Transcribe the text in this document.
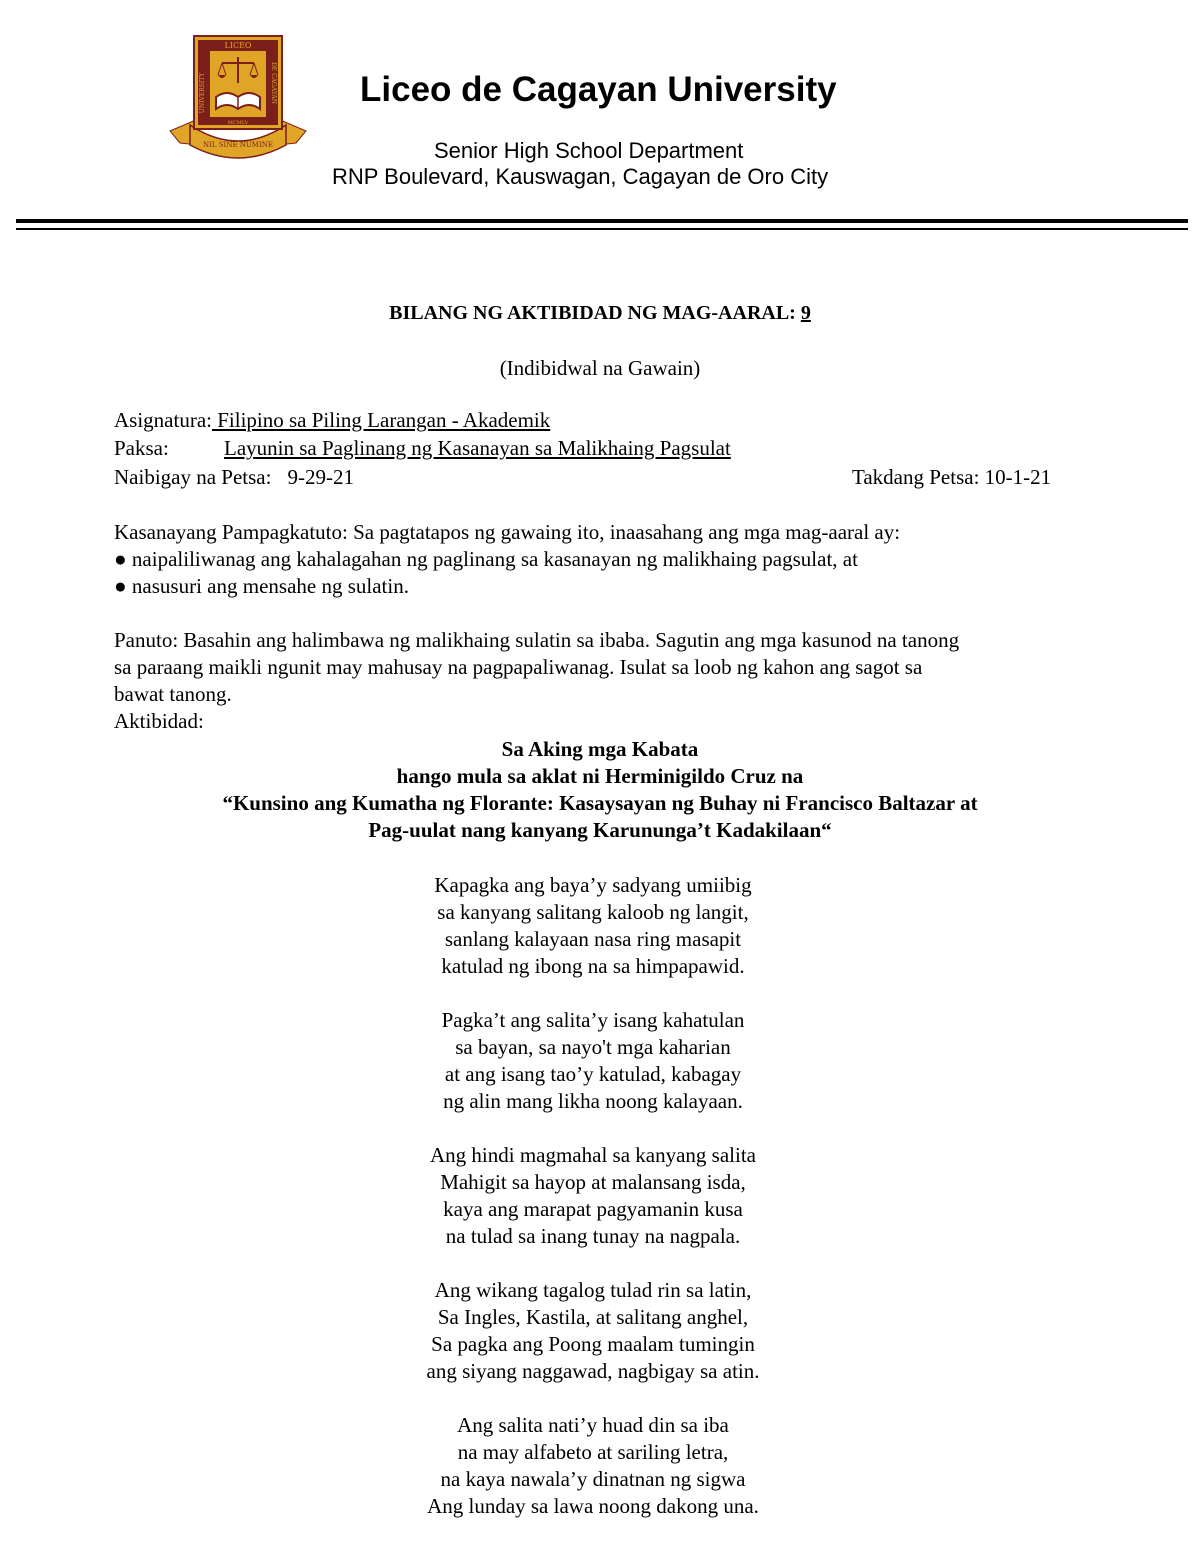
NIL SINE NUMINE
LICEO
UNIVERSITY	DE CAGAYAN
MCMLV
Liceo de Cagayan University
Senior High School Department
RNP Boulevard, Kauswagan, Cagayan de Oro City
BILANG NG AKTIBIDAD NG MAG-AARAL: 9
(Indibidwal na Gawain)
Asignatura: Filipino sa Piling Larangan - Akademik
Paksa:	Layunin sa Paglinang ng Kasanayan sa Malikhaing Pagsulat
Naibigay na Petsa: 9-29-21	Takdang Petsa: 10-1-21
Kasanayang Pampagkatuto: Sa pagtatapos ng gawaing ito, inaasahang ang mga mag-aaral ay:
● naipaliliwanag ang kahalagahan ng paglinang sa kasanayan ng malikhaing pagsulat, at
● nasusuri ang mensahe ng sulatin.
Panuto: Basahin ang halimbawa ng malikhaing sulatin sa ibaba. Sagutin ang mga kasunod na tanong
sa paraang maikli ngunit may mahusay na pagpapaliwanag. Isulat sa loob ng kahon ang sagot sa
bawat tanong.
Aktibidad:
Sa Aking mga Kabata
hango mula sa aklat ni Herminigildo Cruz na
“Kunsino ang Kumatha ng Florante: Kasaysayan ng Buhay ni Francisco Baltazar at
Pag-uulat nang kanyang Karununga’t Kadakilaan“
Kapagka ang baya’y sadyang umiibig
sa kanyang salitang kaloob ng langit,
sanlang kalayaan nasa ring masapit
katulad ng ibong na sa himpapawid.
Pagka’t ang salita’y isang kahatulan
sa bayan, sa nayo't mga kaharian
at ang isang tao’y katulad, kabagay
ng alin mang likha noong kalayaan.
Ang hindi magmahal sa kanyang salita
Mahigit sa hayop at malansang isda,
kaya ang marapat pagyamanin kusa
na tulad sa inang tunay na nagpala.
Ang wikang tagalog tulad rin sa latin,
Sa Ingles, Kastila, at salitang anghel,
Sa pagka ang Poong maalam tumingin
ang siyang naggawad, nagbigay sa atin.
Ang salita nati’y huad din sa iba
na may alfabeto at sariling letra,
na kaya nawala’y dinatnan ng sigwa
Ang lunday sa lawa noong dakong una.
